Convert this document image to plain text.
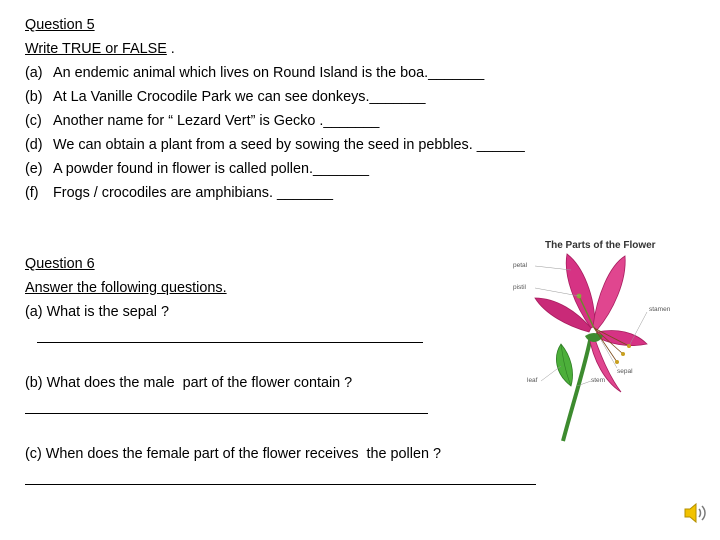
Question 5
Write TRUE or FALSE .
(a) An endemic animal which lives on Round Island is the boa._______
(b) At La Vanille Crocodile Park we can see donkeys._______
(c) Another name for “ Lezard Vert” is Gecko ._______
(d) We can obtain a plant from a seed by sowing the seed in pebbles. ______
(e) A powder found in flower is called pollen._______
(f) Frogs / crocodiles are amphibians. _______
Question 6
Answer the following questions.
(a) What is the sepal ?
(b) What does the male  part of the flower contain ?
(c) When does the female part of the flower receives  the pollen ?
The Parts of the Flower
petal
pistil
stamen
sepal
leaf	stem
